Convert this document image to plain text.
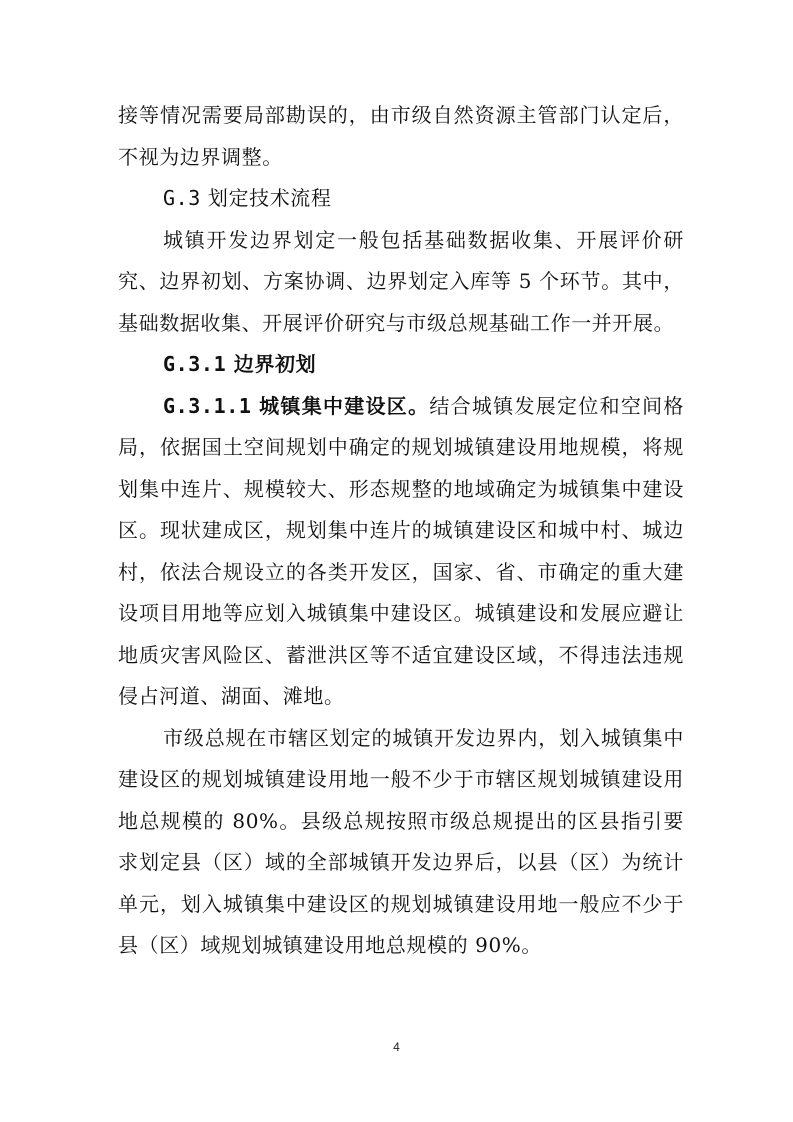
接等情况需要局部勘误的，由市级自然资源主管部门认定后，不视为边界调整。

G.3 划定技术流程

城镇开发边界划定一般包括基础数据收集、开展评价研究、边界初划、方案协调、边界划定入库等 5 个环节。其中，基础数据收集、开展评价研究与市级总规基础工作一并开展。

G.3.1 边界初划

G.3.1.1 城镇集中建设区。结合城镇发展定位和空间格局，依据国土空间规划中确定的规划城镇建设用地规模，将规划集中连片、规模较大、形态规整的地域确定为城镇集中建设区。现状建成区，规划集中连片的城镇建设区和城中村、城边村，依法合规设立的各类开发区，国家、省、市确定的重大建设项目用地等应划入城镇集中建设区。城镇建设和发展应避让地质灾害风险区、蓄泄洪区等不适宜建设区域，不得违法违规侵占河道、湖面、滩地。

市级总规在市辖区划定的城镇开发边界内，划入城镇集中建设区的规划城镇建设用地一般不少于市辖区规划城镇建设用地总规模的 80%。县级总规按照市级总规提出的区县指引要求划定县（区）域的全部城镇开发边界后，以县（区）为统计单元，划入城镇集中建设区的规划城镇建设用地一般应不少于县（区）域规划城镇建设用地总规模的 90%。

4
